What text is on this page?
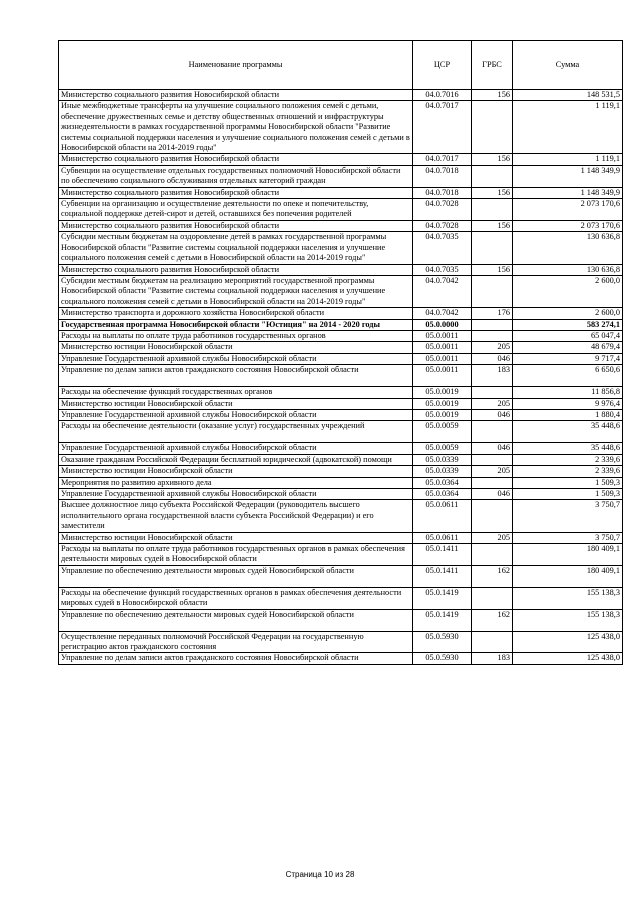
Наименование программы	ЦСР	ГРБС	Сумма
Министерство социального развития Новосибирской области	04.0.7016	156	148 531,5
Иные межбюджетные трансферты на улучшение социального положения семей с детьми, обеспечение дружественных семье и детству общественных отношений и инфраструктуры жизнедеятельности в рамках государственной программы Новосибирской области "Развитие системы социальной поддержки населения и улучшение социального положения семей с детьми в Новосибирской области на 2014-2019 годы"	04.0.7017		1 119,1
Министерство социального развития Новосибирской области	04.0.7017	156	1 119,1
Субвенции на осуществление отдельных государственных полномочий Новосибирской области по обеспечению социального обслуживания отдельных категорий граждан	04.0.7018		1 148 349,9
Министерство социального развития Новосибирской области	04.0.7018	156	1 148 349,9
Субвенции на организацию и осуществление деятельности по опеке и попечительству, социальной поддержке детей-сирот и детей, оставшихся без попечения родителей	04.0.7028		2 073 170,6
Министерство социального развития Новосибирской области	04.0.7028	156	2 073 170,6
Субсидии местным бюджетам на оздоровление детей в рамках государственной программы Новосибирской области "Развитие системы социальной поддержки населения и улучшение социального положения семей с детьми в Новосибирской области на 2014-2019 годы"	04.0.7035		130 636,8
Министерство социального развития Новосибирской области	04.0.7035	156	130 636,8
Субсидии местным бюджетам на реализацию мероприятий государственной программы Новосибирской области "Развитие системы социальной поддержки населения и улучшение социального положения семей с детьми в Новосибирской области на 2014-2019 годы"	04.0.7042		2 600,0
Министерство транспорта и дорожного хозяйства Новосибирской области	04.0.7042	176	2 600,0
Государственная программа Новосибирской области "Юстиция" на 2014 - 2020 годы	05.0.0000		583 274,1
Расходы на выплаты по оплате труда работников государственных органов	05.0.0011		65 047,4
Министерство юстиции Новосибирской области	05.0.0011	205	48 679,4
Управление Государственной архивной службы Новосибирской области	05.0.0011	046	9 717,4
Управление по делам записи актов гражданского состояния Новосибирской области	05.0.0011	183	6 650,6
Расходы на обеспечение функций государственных органов	05.0.0019		11 856,8
Министерство юстиции Новосибирской области	05.0.0019	205	9 976,4
Управление Государственной архивной службы Новосибирской области	05.0.0019	046	1 880,4
Расходы на обеспечение деятельности (оказание услуг) государственных учреждений	05.0.0059		35 448,6
Управление Государственной архивной службы Новосибирской области	05.0.0059	046	35 448,6
Оказание гражданам Российской Федерации бесплатной юридической (адвокатской) помощи	05.0.0339		2 339,6
Министерство юстиции Новосибирской области	05.0.0339	205	2 339,6
Мероприятия по развитию архивного дела	05.0.0364		1 509,3
Управление Государственной архивной службы Новосибирской области	05.0.0364	046	1 509,3
Высшее должностное лицо субъекта Российской Федерации (руководитель высшего исполнительного органа государственной власти субъекта Российской Федерации) и его заместители	05.0.0611		3 750,7
Министерство юстиции Новосибирской области	05.0.0611	205	3 750,7
Расходы на выплаты по оплате труда работников государственных органов в рамках обеспечения деятельности мировых судей в Новосибирской области	05.0.1411		180 409,1
Управление по обеспечению деятельности мировых судей Новосибирской области	05.0.1411	162	180 409,1
Расходы на обеспечение функций государственных органов в рамках обеспечения деятельности мировых судей в Новосибирской области	05.0.1419		155 138,3
Управление по обеспечению деятельности мировых судей Новосибирской области	05.0.1419	162	155 138,3
Осуществление переданных полномочий Российской Федерации на государственную регистрацию актов гражданского состояния	05.0.5930		125 438,0
Управление по делам записи актов гражданского состояния Новосибирской области	05.0.5930	183	125 438,0
Страница 10 из 28
